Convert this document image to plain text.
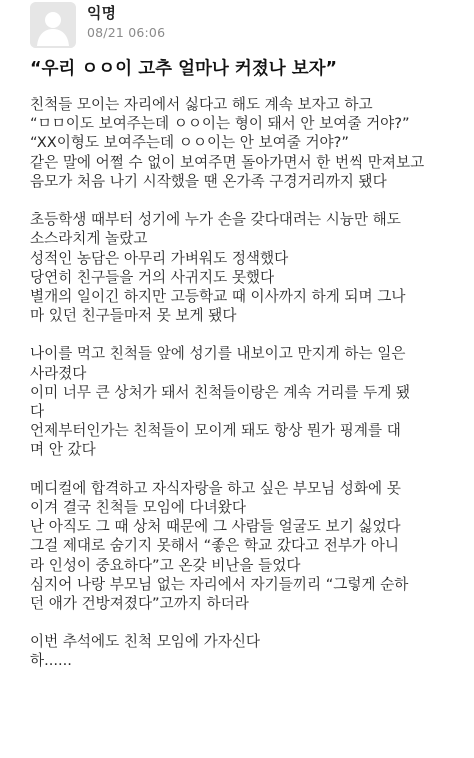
익명
08/21 06:06
“우리 ㅇㅇ이 고추 얼마나 커졌나 보자”
친척들 모이는 자리에서 싫다고 해도 계속 보자고 하고
“ㅁㅁ이도 보여주는데 ㅇㅇ이는 형이 돼서 안 보여줄 거야?”
“XX이형도 보여주는데 ㅇㅇ이는 안 보여줄 거야?”
같은 말에 어쩔 수 없이 보여주면 돌아가면서 한 번씩 만져보고
음모가 처음 나기 시작했을 땐 온가족 구경거리까지 됐다
초등학생 때부터 성기에 누가 손을 갖다대려는 시늉만 해도
소스라치게 놀랐고
성적인 농담은 아무리 가벼워도 정색했다
당연히 친구들을 거의 사귀지도 못했다
별개의 일이긴 하지만 고등학교 때 이사까지 하게 되며 그나
마 있던 친구들마저 못 보게 됐다
나이를 먹고 친척들 앞에 성기를 내보이고 만지게 하는 일은
사라졌다
이미 너무 큰 상처가 돼서 친척들이랑은 계속 거리를 두게 됐
다
언제부터인가는 친척들이 모이게 돼도 항상 뭔가 핑계를 대
며 안 갔다
메디컬에 합격하고 자식자랑을 하고 싶은 부모님 성화에 못
이겨 결국 친척들 모임에 다녀왔다
난 아직도 그 때 상처 때문에 그 사람들 얼굴도 보기 싫었다
그걸 제대로 숨기지 못해서 “좋은 학교 갔다고 전부가 아니
라 인성이 중요하다”고 온갖 비난을 들었다
심지어 나랑 부모님 없는 자리에서 자기들끼리 “그렇게 순하
던 애가 건방져졌다”고까지 하더라
이번 추석에도 친척 모임에 가자신다
하......
